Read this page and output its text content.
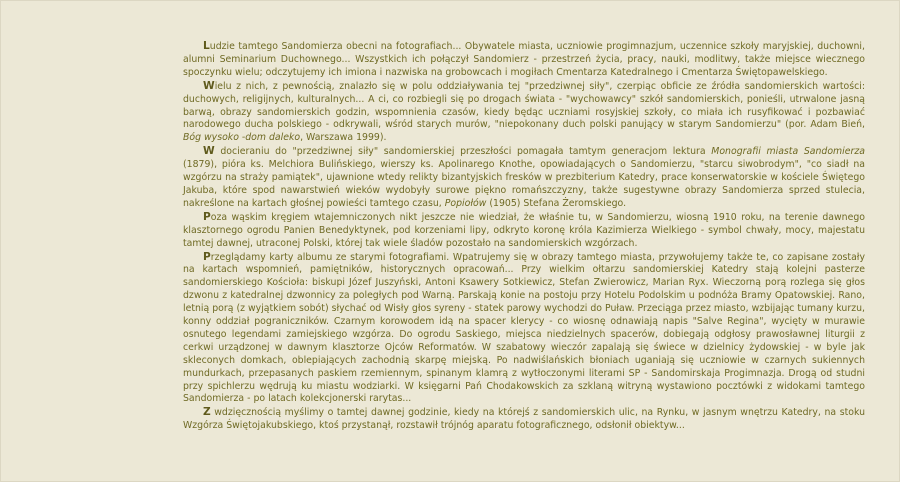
Ludzie tamtego Sandomierza obecni na fotografiach... Obywatele miasta, uczniowie progimnazjum, uczennice szkoły maryjskiej, duchowni, alumni Seminarium Duchownego... Wszystkich ich połączył Sandomierz - przestrzeń życia, pracy, nauki, modlitwy, także miejsce wiecznego spoczynku wielu; odczytujemy ich imiona i nazwiska na grobowcach i mogiłach Cmentarza Katedralnego i Cmentarza Świętopawelskiego.

Wielu z nich, z pewnością, znalazło się w polu oddziaływania tej "przedziwnej siły", czerpiąc obficie ze źródła sandomierskich wartości: duchowych, religijnych, kulturalnych... A ci, co rozbiegli się po drogach świata - "wychowawcy" szkół sandomierskich, ponieśli, utrwalone jasną barwą, obrazy sandomierskich godzin, wspomnienia czasów, kiedy będąc uczniami rosyjskiej szkoły, co miała ich rusyfikować i pozbawiać narodowego ducha polskiego - odkrywali, wśród starych murów, "niepokonany duch polski panujący w starym Sandomierzu" (por. Adam Bień, Bóg wysoko -dom daleko, Warszawa 1999).

W docieraniu do "przedziwnej siły" sandomierskiej przeszłości pomagała tamtym generacjom lektura Monografii miasta Sandomierza (1879), pióra ks. Melchiora Bulińskiego, wierszy ks. Apolinarego Knothe, opowiadających o Sandomierzu, "starcu siwobrodym", "co siadł na wzgórzu na straży pamiątek", ujawnione wtedy relikty bizantyjskich fresków w prezbiterium Katedry, prace konserwatorskie w kościele Świętego Jakuba, które spod nawarstwień wieków wydobyły surowe piękno romańszczyzny, także sugestywne obrazy Sandomierza sprzed stulecia, nakreślone na kartach głośnej powieści tamtego czasu, Popiołów (1905) Stefana Żeromskiego.

Poza wąskim kręgiem wtajemniczonych nikt jeszcze nie wiedział, że właśnie tu, w Sandomierzu, wiosną 1910 roku, na terenie dawnego klasztornego ogrodu Panien Benedyktynek, pod korzeniami lipy, odkryto koronę króla Kazimierza Wielkiego - symbol chwały, mocy, majestatu tamtej dawnej, utraconej Polski, której tak wiele śladów pozostało na sandomierskich wzgórzach.

Przeglądamy karty albumu ze starymi fotografiami. Wpatrujemy się w obrazy tamtego miasta, przywołujemy także te, co zapisane zostały na kartach wspomnień, pamiętników, historycznych opracowań... Przy wielkim ołtarzu sandomierskiej Katedry stają kolejni pasterze sandomierskiego Kościoła: biskupi Józef Juszyński, Antoni Ksawery Sotkiewicz, Stefan Zwierowicz, Marian Ryx. Wieczorną porą rozlega się głos dzwonu z katedralnej dzwonnicy za poległych pod Warną. Parskają konie na postoju przy Hotelu Podolskim u podnóża Bramy Opatowskiej. Rano, letnią porą (z wyjątkiem sobót) słychać od Wisły głos syreny - statek parowy wychodzi do Puław. Przeciąga przez miasto, wzbijając tumany kurzu, konny oddział pograniczników. Czarnym korowodem idą na spacer klerycy - co wiosnę odnawiają napis "Salve Regina", wycięty w murawie osnutego legendami zamiejskiego wzgórza. Do ogrodu Saskiego, miejsca niedzielnych spacerów, dobiegają odgłosy prawosławnej liturgii z cerkwi urządzonej w dawnym klasztorze Ojców Reformatów. W szabatowy wieczór zapalają się świece w dzielnicy żydowskiej - w byle jak skleconych domkach, oblepiających zachodnią skarpę miejską. Po nadwiślańskich błoniach uganiają się uczniowie w czarnych sukiennych mundurkach, przepasanych paskiem rzemiennym, spinanym klamrą z wytłoczonymi literami SP - Sandomirskaja Progimnazja. Drogą od studni przy spichlerzu wędrują ku miastu wodziarki. W księgarni Pań Chodakowskich za szklaną witryną wystawiono pocztówki z widokami tamtego Sandomierza - po latach kolekcjonerski rarytas...

Z wdzięcznością myślimy o tamtej dawnej godzinie, kiedy na którejś z sandomierskich ulic, na Rynku, w jasnym wnętrzu Katedry, na stoku Wzgórza Świętojakubskiego, ktoś przystanął, rozstawił trójnóg aparatu fotograficznego, odsłonił obiektyw...
